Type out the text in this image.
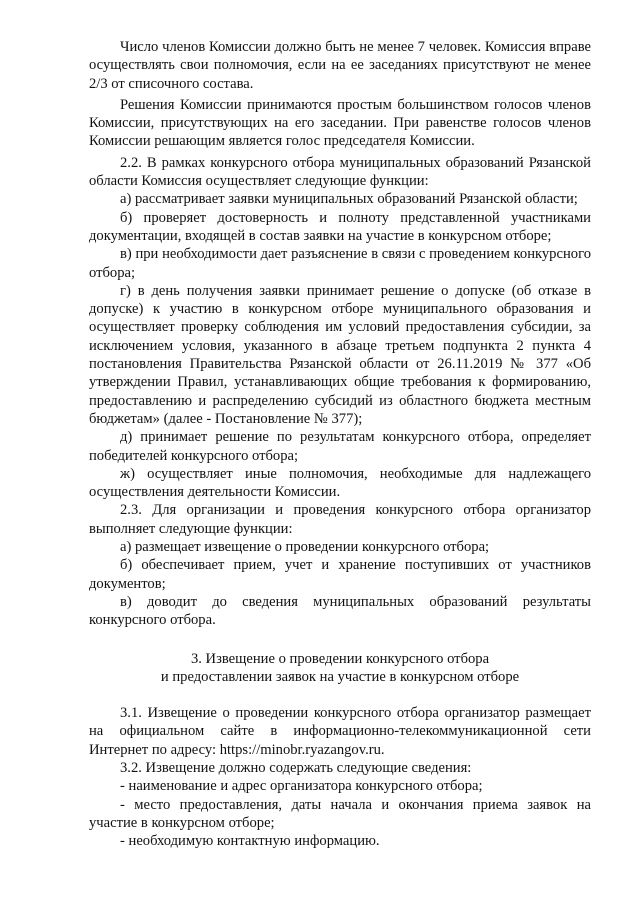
Число членов Комиссии должно быть не менее 7 человек. Комиссия вправе осуществлять свои полномочия, если на ее заседаниях присутствуют не менее 2/3 от списочного состава.

Решения Комиссии принимаются простым большинством голосов членов Комиссии, присутствующих на его заседании. При равенстве голосов членов Комиссии решающим является голос председателя Комиссии.

2.2. В рамках конкурсного отбора муниципальных образований Рязанской области Комиссия осуществляет следующие функции:

а) рассматривает заявки муниципальных образований Рязанской области;

б) проверяет достоверность и полноту представленной участниками документации, входящей в состав заявки на участие в конкурсном отборе;

в) при необходимости дает разъяснение в связи с проведением конкурсного отбора;

г) в день получения заявки принимает решение о допуске (об отказе в допуске) к участию в конкурсном отборе муниципального образования и осуществляет проверку соблюдения им условий предоставления субсидии, за исключением условия, указанного в абзаце третьем подпункта 2 пункта 4 постановления Правительства Рязанской области от 26.11.2019 № 377 «Об утверждении Правил, устанавливающих общие требования к формированию, предоставлению и распределению субсидий из областного бюджета местным бюджетам» (далее - Постановление № 377);

д) принимает решение по результатам конкурсного отбора, определяет победителей конкурсного отбора;

ж) осуществляет иные полномочия, необходимые для надлежащего осуществления деятельности Комиссии.

2.3. Для организации и проведения конкурсного отбора организатор выполняет следующие функции:

а) размещает извещение о проведении конкурсного отбора;

б) обеспечивает прием, учет и хранение поступивших от участников документов;

в) доводит до сведения муниципальных образований результаты конкурсного отбора.

3. Извещение о проведении конкурсного отбора
и предоставлении заявок на участие в конкурсном отборе

3.1. Извещение о проведении конкурсного отбора организатор размещает на официальном сайте в информационно-телекоммуникационной сети Интернет по адресу: https://minobr.ryazangov.ru.

3.2. Извещение должно содержать следующие сведения:

- наименование и адрес организатора конкурсного отбора;

- место предоставления, даты начала и окончания приема заявок на участие в конкурсном отборе;

- необходимую контактную информацию.
